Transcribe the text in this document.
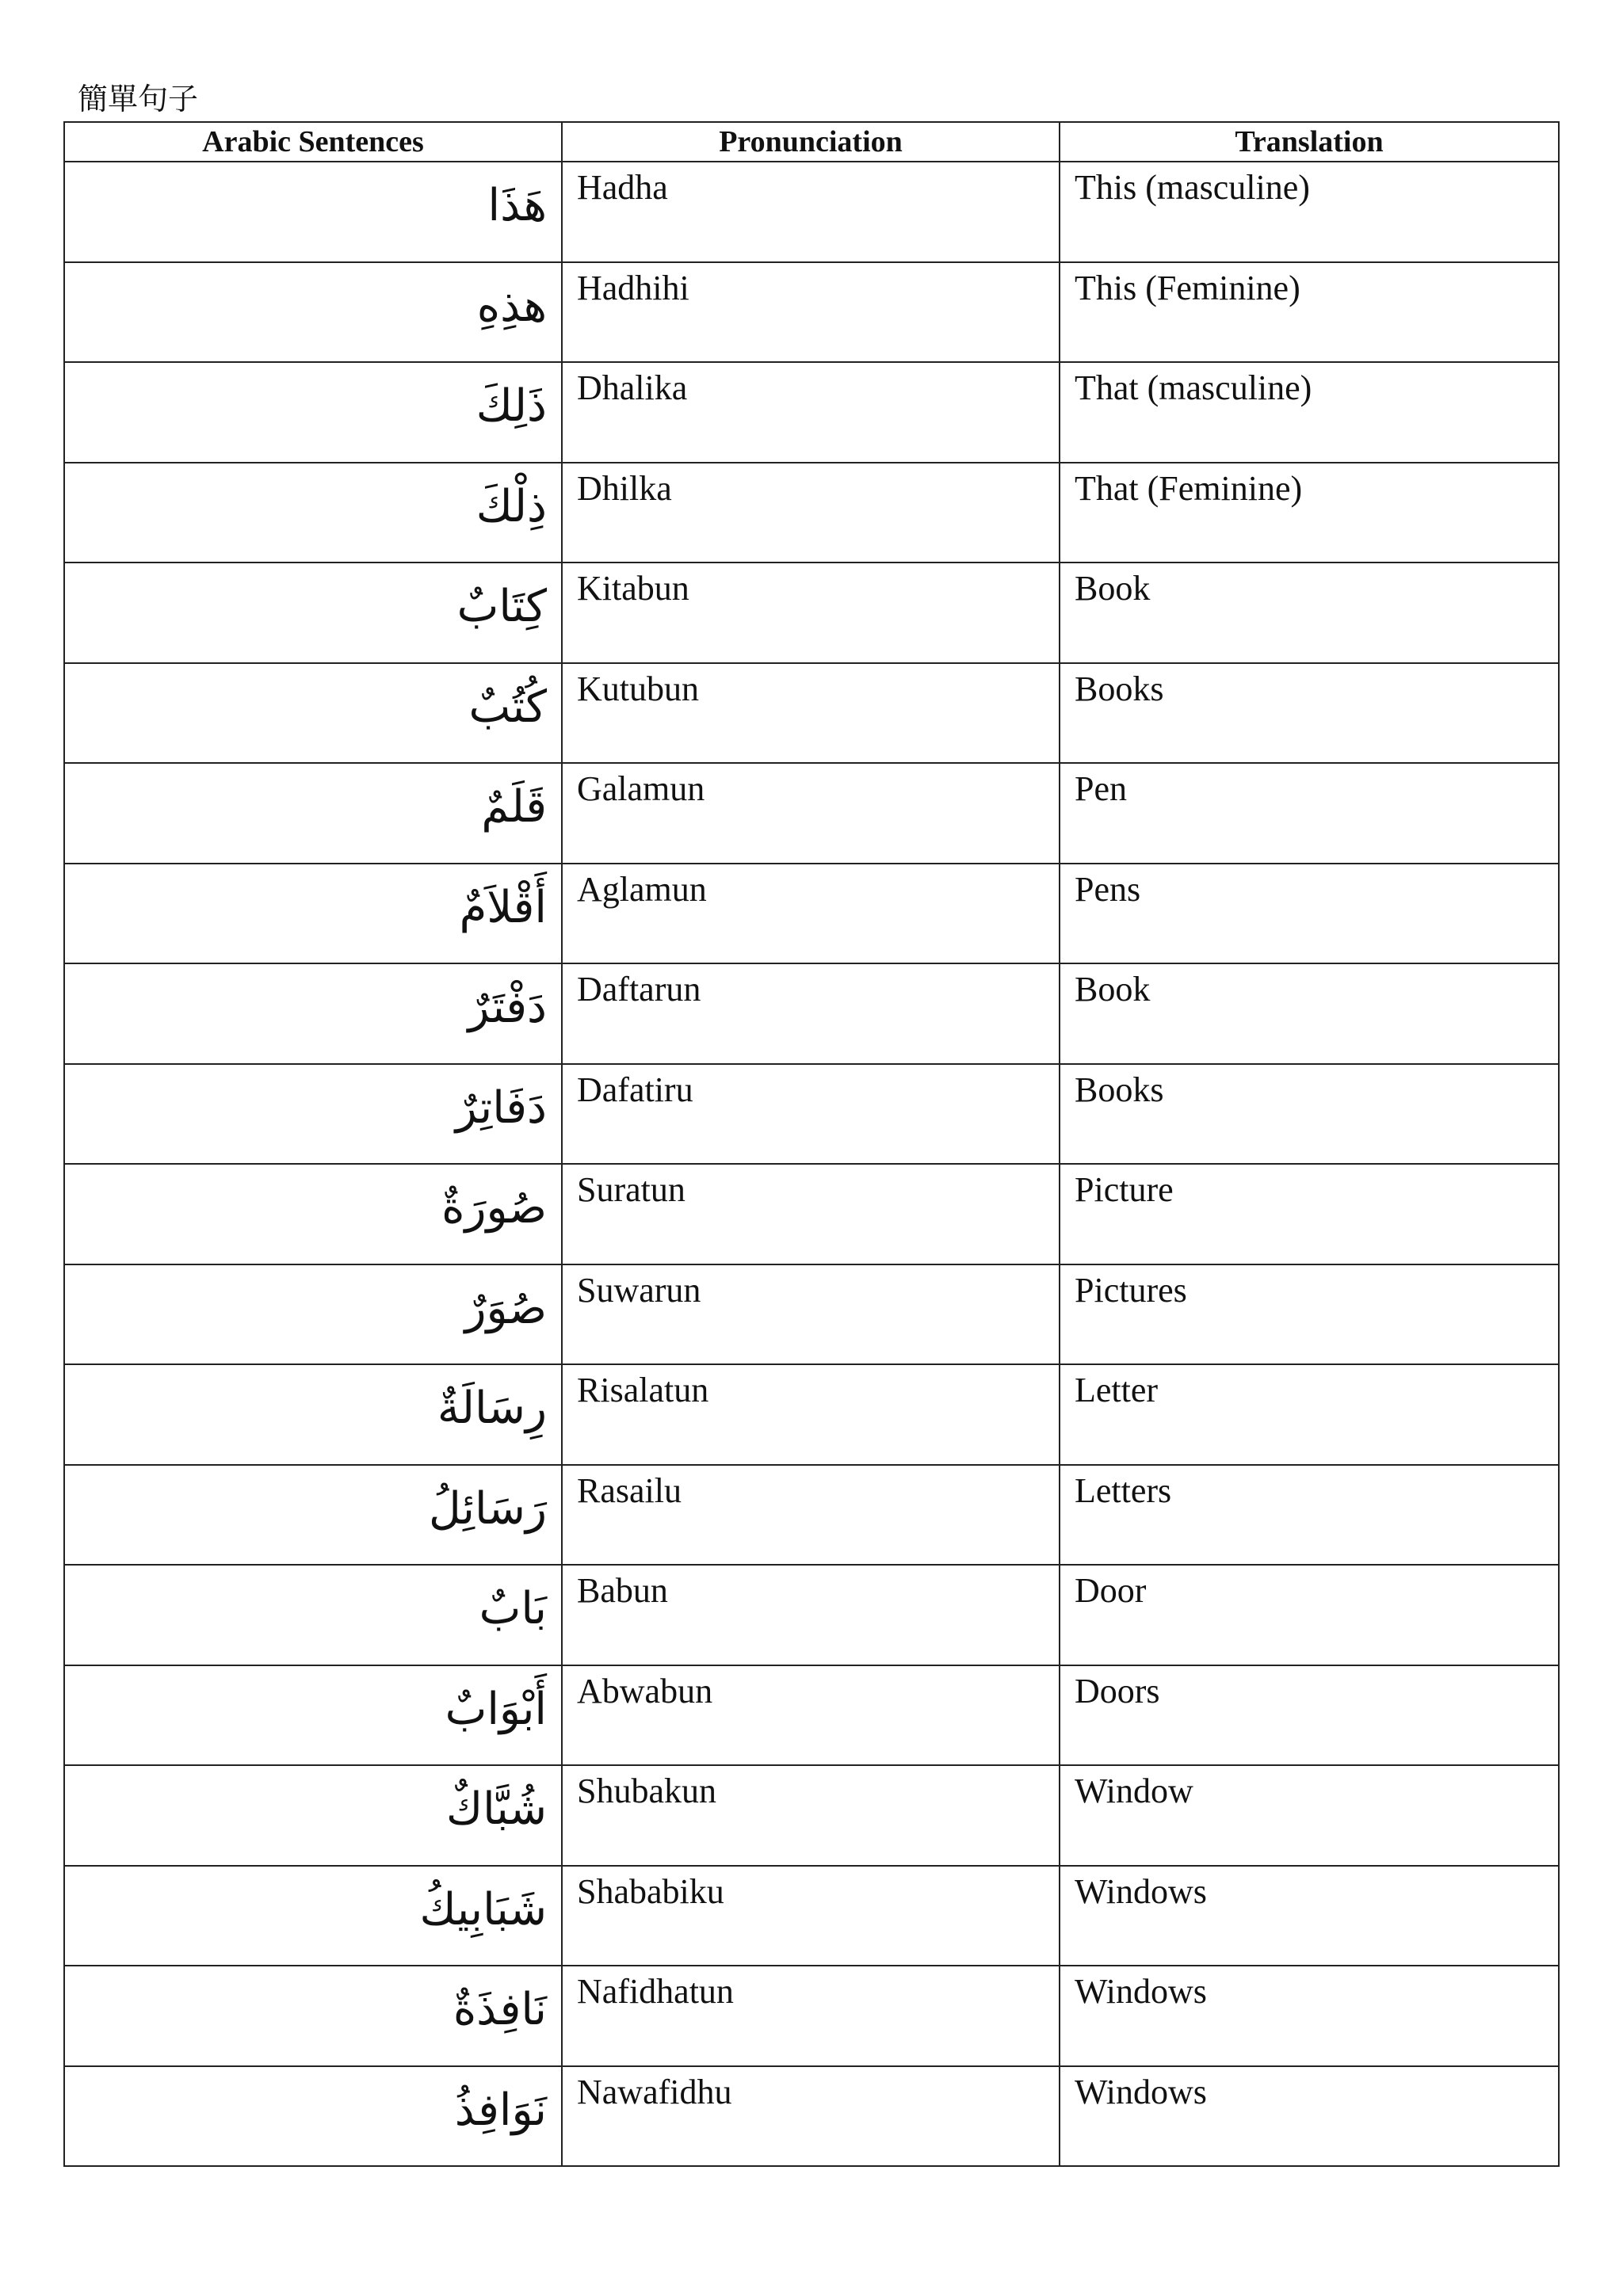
簡單句子
Arabic Sentences	Pronunciation	Translation
هَذَا	Hadha	This (masculine)
هذِهِ	Hadhihi	This (Feminine)
ذَلِكَ	Dhalika	That (masculine)
ذِلْكَ	Dhilka	That (Feminine)
كِتَابٌ	Kitabun	Book
كُتُبٌ	Kutubun	Books
قَلَمٌ	Galamun	Pen
أَقْلاَمٌ	Aglamun	Pens
دَفْتَرٌ	Daftarun	Book
دَفَاتِرٌ	Dafatiru	Books
صُورَةٌ	Suratun	Picture
صُوَرٌ	Suwarun	Pictures
رِسَالَةٌ	Risalatun	Letter
رَسَائِلُ	Rasailu	Letters
بَابٌ	Babun	Door
أَبْوَابٌ	Abwabun	Doors
شُبَّاكٌ	Shubakun	Window
شَبَابِيكُ	Shababiku	Windows
نَافِذَةٌ	Nafidhatun	Windows
نَوَافِذُ	Nawafidhu	Windows
